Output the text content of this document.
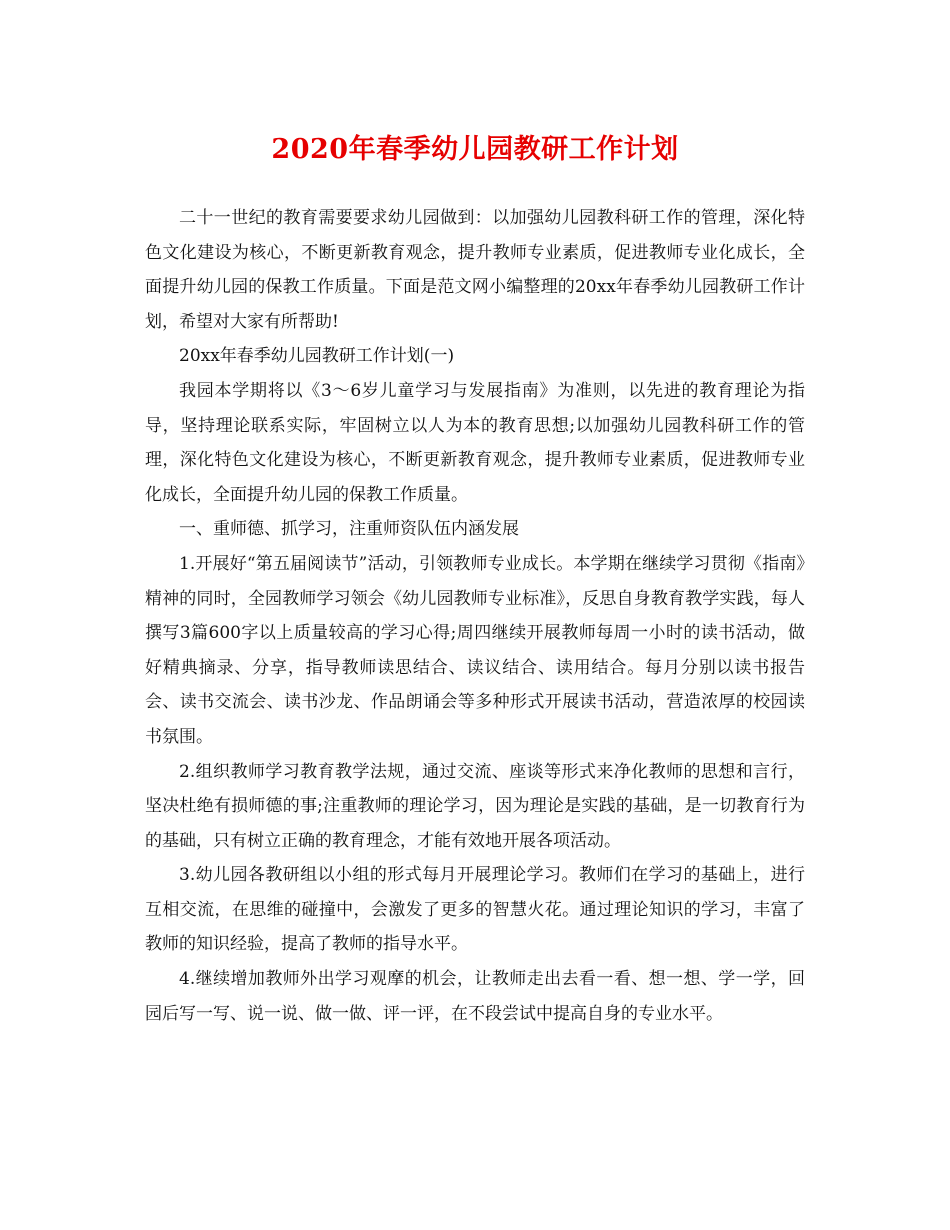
2020年春季幼儿园教研工作计划

二十一世纪的教育需要要求幼儿园做到：以加强幼儿园教科研工作的管理，深化特色文化建设为核心，不断更新教育观念，提升教师专业素质，促进教师专业化成长，全面提升幼儿园的保教工作质量。下面是范文网小编整理的20xx年春季幼儿园教研工作计划，希望对大家有所帮助!

20xx年春季幼儿园教研工作计划(一)

我园本学期将以《3～6岁儿童学习与发展指南》为准则，以先进的教育理论为指导，坚持理论联系实际，牢固树立以人为本的教育思想;以加强幼儿园教科研工作的管理，深化特色文化建设为核心，不断更新教育观念，提升教师专业素质，促进教师专业化成长，全面提升幼儿园的保教工作质量。

一、重师德、抓学习，注重师资队伍内涵发展

1.开展好“第五届阅读节”活动，引领教师专业成长。本学期在继续学习贯彻《指南》精神的同时，全园教师学习领会《幼儿园教师专业标准》，反思自身教育教学实践，每人撰写3篇600字以上质量较高的学习心得;周四继续开展教师每周一小时的读书活动，做好精典摘录、分享，指导教师读思结合、读议结合、读用结合。每月分别以读书报告会、读书交流会、读书沙龙、作品朗诵会等多种形式开展读书活动，营造浓厚的校园读书氛围。

2.组织教师学习教育教学法规，通过交流、座谈等形式来净化教师的思想和言行，坚决杜绝有损师德的事;注重教师的理论学习，因为理论是实践的基础，是一切教育行为的基础，只有树立正确的教育理念，才能有效地开展各项活动。

3.幼儿园各教研组以小组的形式每月开展理论学习。教师们在学习的基础上，进行互相交流，在思维的碰撞中，会激发了更多的智慧火花。通过理论知识的学习，丰富了教师的知识经验，提高了教师的指导水平。

4.继续增加教师外出学习观摩的机会，让教师走出去看一看、想一想、学一学，回园后写一写、说一说、做一做、评一评，在不段尝试中提高自身的专业水平。
